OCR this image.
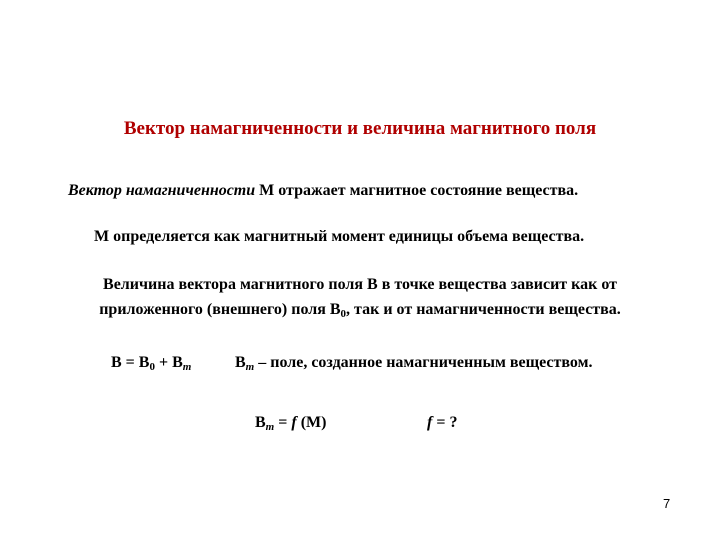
Вектор намагниченности и величина магнитного поля
Вектор намагниченности М отражает магнитное состояние вещества.
М определяется как магнитный момент единицы объема вещества.
Величина вектора магнитного поля В в точке вещества зависит как от
приложенного (внешнего) поля $В_0$, так и от намагниченности вещества.
$В = В_0 + В_m$	$В_m$ – поле, созданное намагниченным веществом.
$В_m = f$ (М)	f = ?
7
